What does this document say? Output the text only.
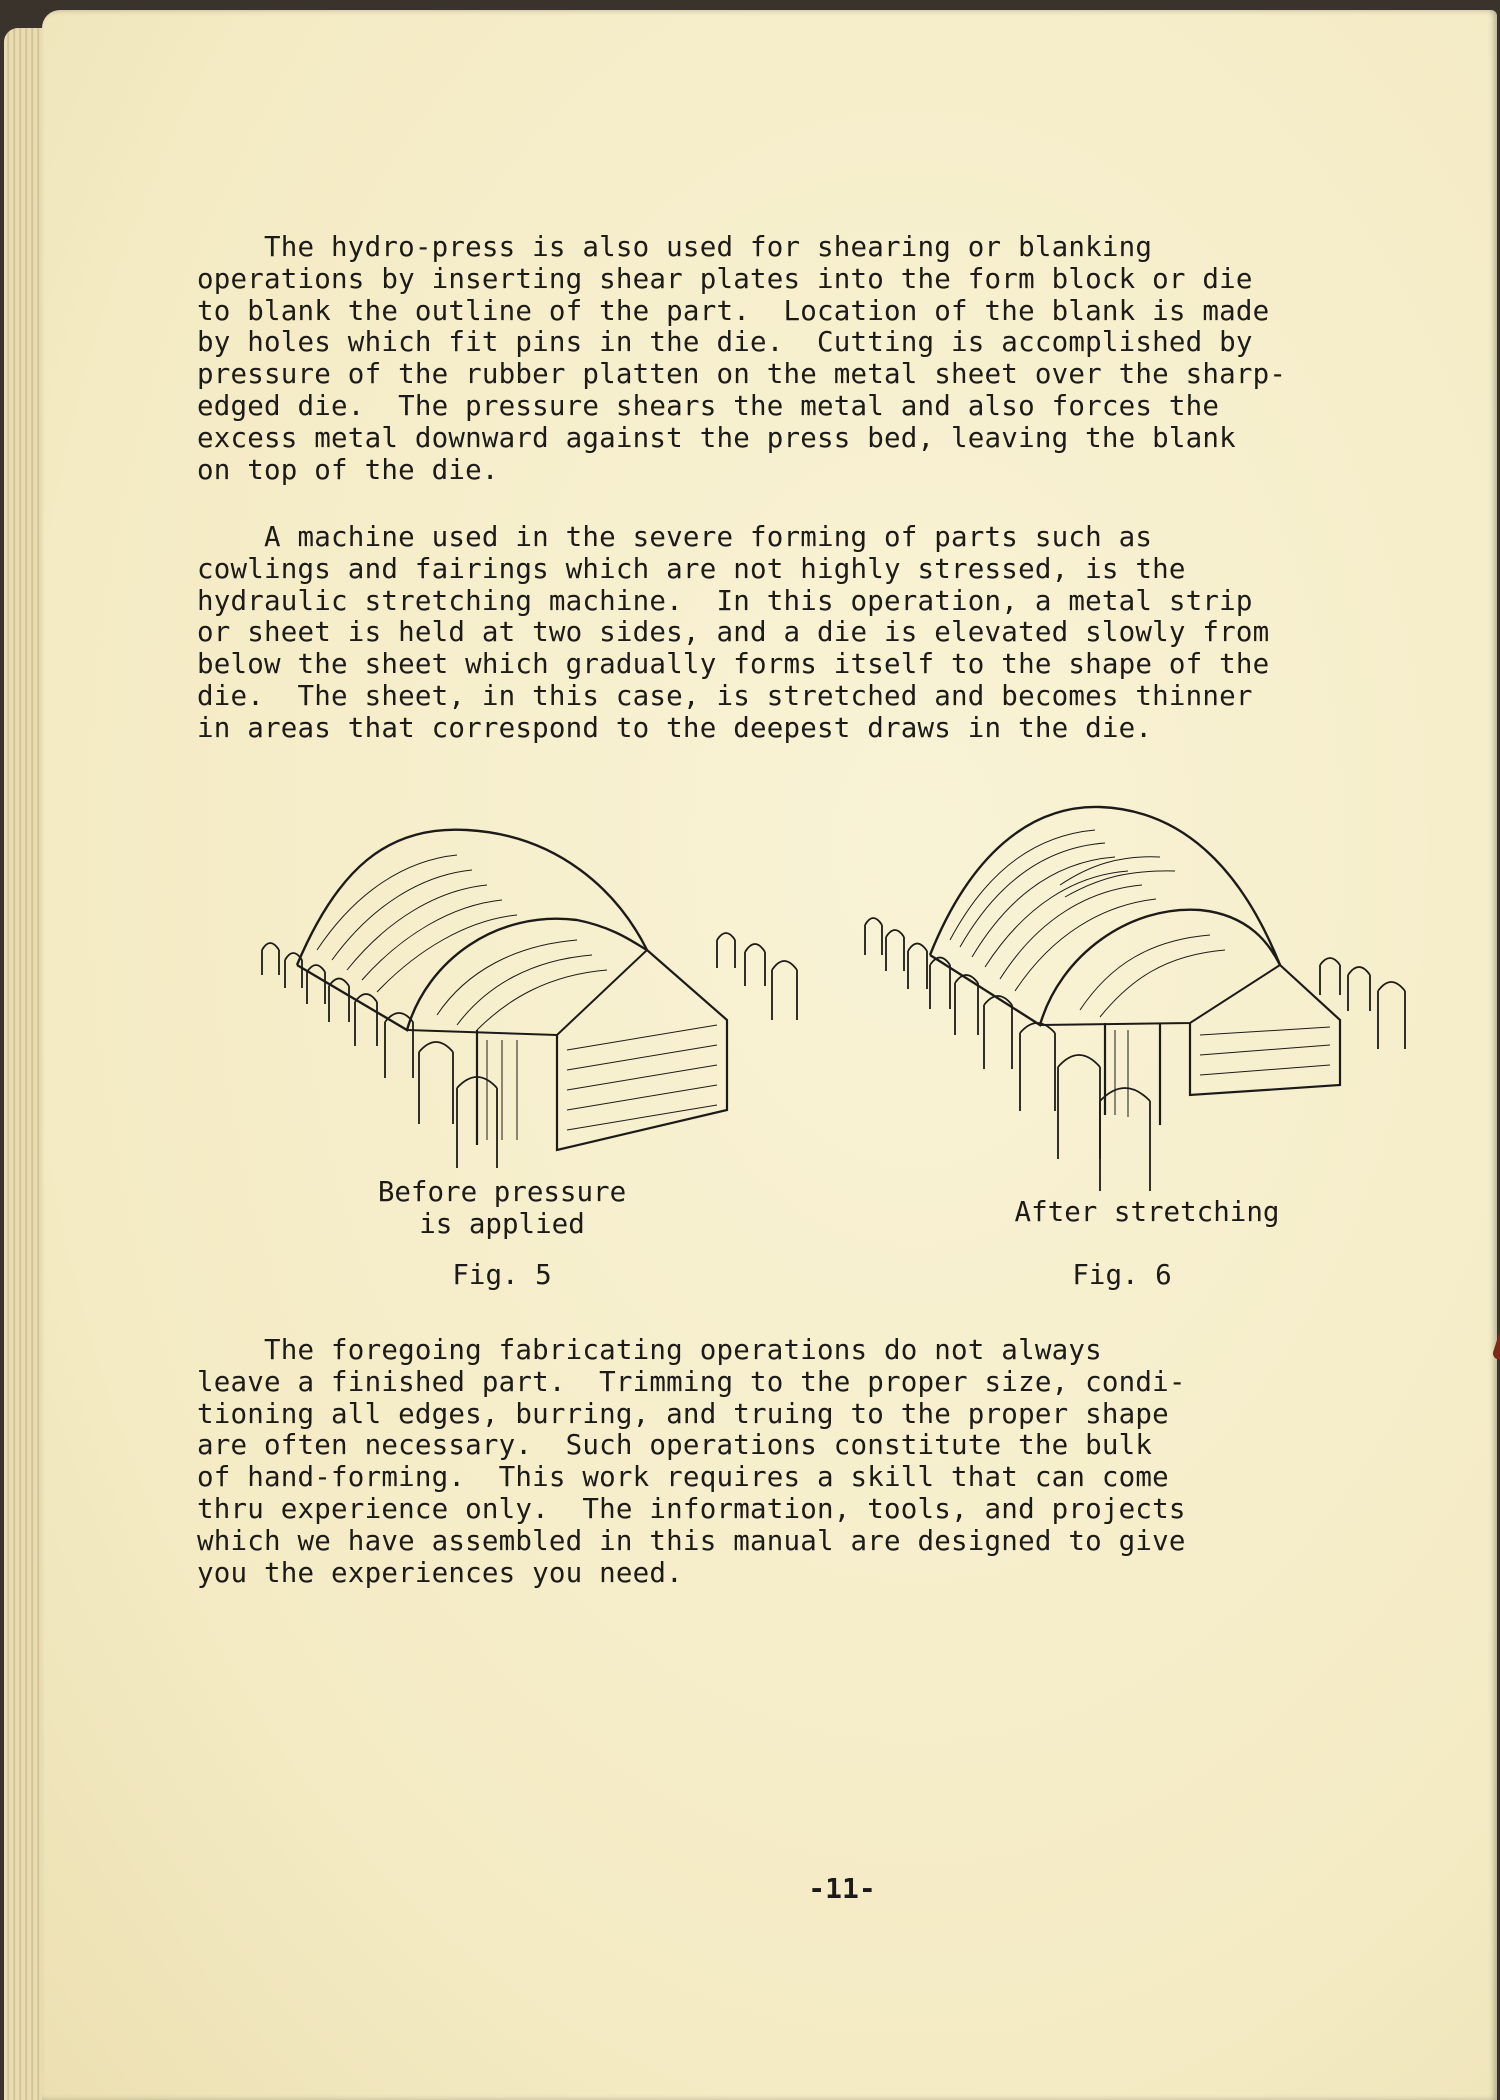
The hydro-press is also used for shearing or blanking
operations by inserting shear plates into the form block or die
to blank the outline of the part.  Location of the blank is made
by holes which fit pins in the die.  Cutting is accomplished by
pressure of the rubber platten on the metal sheet over the sharp-
edged die.  The pressure shears the metal and also forces the
excess metal downward against the press bed, leaving the blank
on top of the die.

A machine used in the severe forming of parts such as
cowlings and fairings which are not highly stressed, is the
hydraulic stretching machine.  In this operation, a metal strip
or sheet is held at two sides, and a die is elevated slowly from
below the sheet which gradually forms itself to the shape of the
die.  The sheet, in this case, is stretched and becomes thinner
in areas that correspond to the deepest draws in the die.

Before pressure
is applied
Fig. 5
After stretching
Fig. 6

The foregoing fabricating operations do not always
leave a finished part.  Trimming to the proper size, condi-
tioning all edges, burring, and truing to the proper shape
are often necessary.  Such operations constitute the bulk
of hand-forming.  This work requires a skill that can come
thru experience only.  The information, tools, and projects
which we have assembled in this manual are designed to give
you the experiences you need.

-11-
